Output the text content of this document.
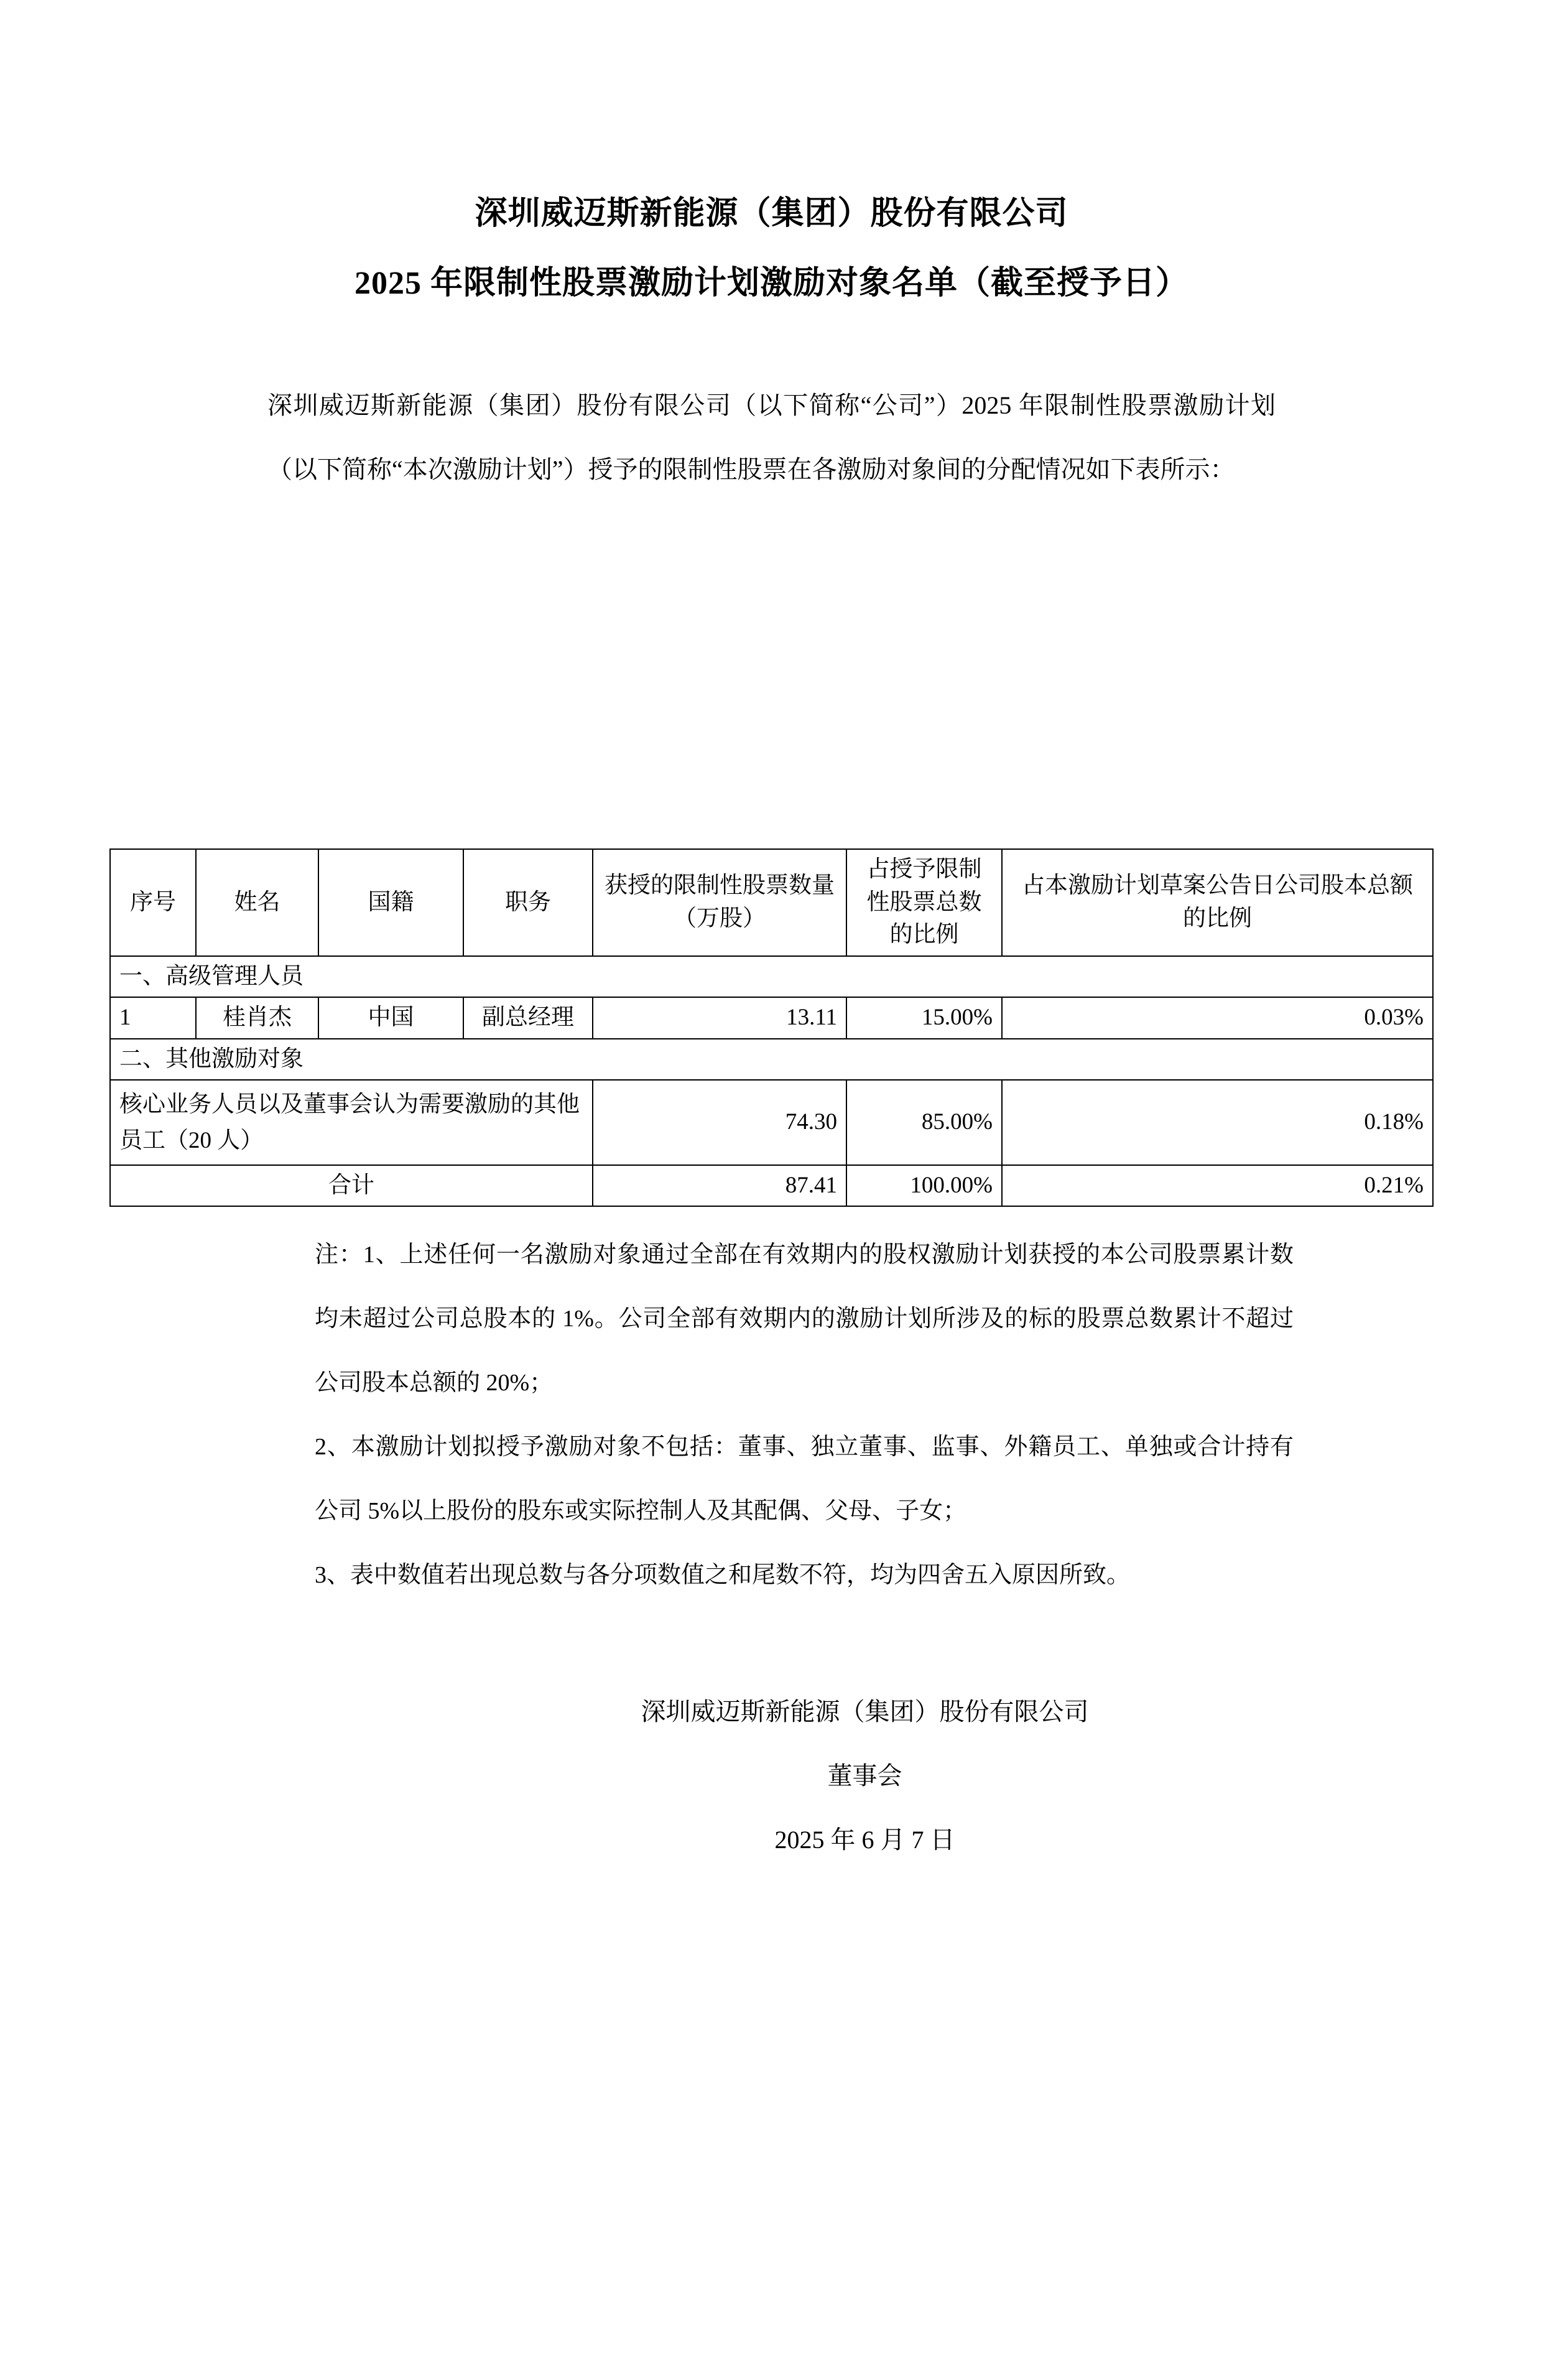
深圳威迈斯新能源（集团）股份有限公司
2025 年限制性股票激励计划激励对象名单（截至授予日）

深圳威迈斯新能源（集团）股份有限公司（以下简称“公司”）2025 年限制性股票激励计划（以下简称“本次激励计划”）授予的限制性股票在各激励对象间的分配情况如下表所示：

序号	姓名	国籍	职务	获授的限制性股票数量（万股）	占授予限制性股票总数的比例	占本激励计划草案公告日公司股本总额的比例
一、高级管理人员						
1	桂肖杰	中国	副总经理	13.11	15.00%	0.03%
二、其他激励对象						
核心业务人员以及董事会认为需要激励的其他员工（20 人）				74.30	85.00%	0.18%
合计				87.41	100.00%	0.21%

注：1、上述任何一名激励对象通过全部在有效期内的股权激励计划获授的本公司股票累计数均未超过公司总股本的 1%。公司全部有效期内的激励计划所涉及的标的股票总数累计不超过公司股本总额的 20%；

2、本激励计划拟授予激励对象不包括：董事、独立董事、监事、外籍员工、单独或合计持有公司 5%以上股份的股东或实际控制人及其配偶、父母、子女；

3、表中数值若出现总数与各分项数值之和尾数不符，均为四舍五入原因所致。

深圳威迈斯新能源（集团）股份有限公司
董事会
2025 年 6 月 7 日
